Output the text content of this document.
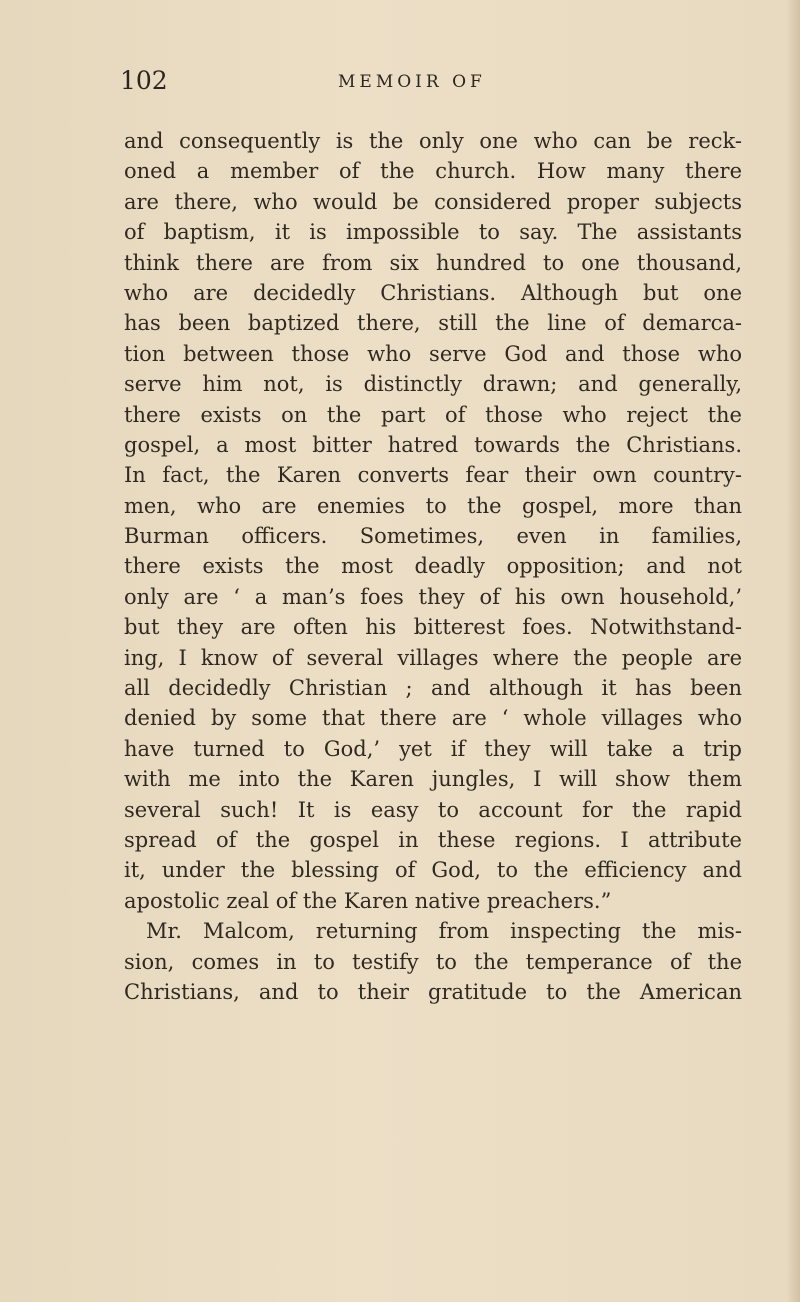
102	MEMOIR OF
and consequently is the only one who can be reck-
oned a member of the church. How many there
are there, who would be considered proper subjects
of baptism, it is impossible to say. The assistants
think there are from six hundred to one thousand,
who are decidedly Christians. Although but one
has been baptized there, still the line of demarca-
tion between those who serve God and those who
serve him not, is distinctly drawn; and generally,
there exists on the part of those who reject the
gospel, a most bitter hatred towards the Christians.
In fact, the Karen converts fear their own country-
men, who are enemies to the gospel, more than
Burman officers. Sometimes, even in families,
there exists the most deadly opposition; and not
only are ‘ a man’s foes they of his own household,’
but they are often his bitterest foes. Notwithstand-
ing, I know of several villages where the people are
all decidedly Christian ; and although it has been
denied by some that there are ‘ whole villages who
have turned to God,’ yet if they will take a trip
with me into the Karen jungles, I will show them
several such! It is easy to account for the rapid
spread of the gospel in these regions. I attribute
it, under the blessing of God, to the efficiency and
apostolic zeal of the Karen native preachers.”
Mr. Malcom, returning from inspecting the mis-
sion, comes in to testify to the temperance of the
Christians, and to their gratitude to the American
